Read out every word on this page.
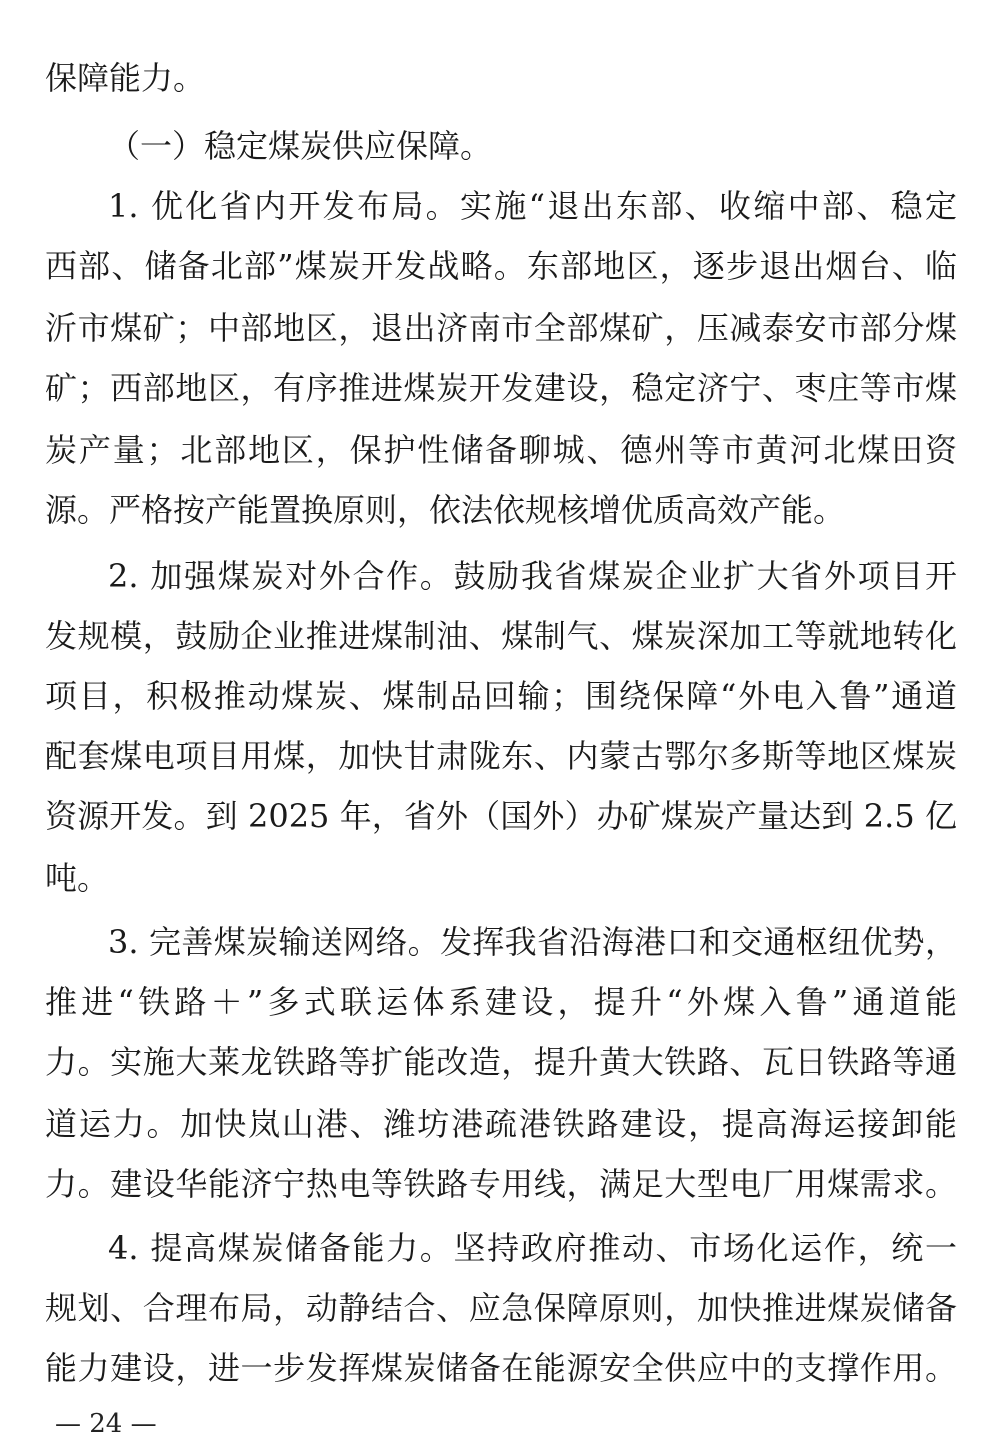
保障能力。
（一）稳定煤炭供应保障。
1. 优化省内开发布局。实施“退出东部、收缩中部、稳定
西部、储备北部”煤炭开发战略。东部地区，逐步退出烟台、临
沂市煤矿；中部地区，退出济南市全部煤矿，压减泰安市部分煤
矿；西部地区，有序推进煤炭开发建设，稳定济宁、枣庄等市煤
炭产量；北部地区，保护性储备聊城、德州等市黄河北煤田资
源。严格按产能置换原则，依法依规核增优质高效产能。
2. 加强煤炭对外合作。鼓励我省煤炭企业扩大省外项目开
发规模，鼓励企业推进煤制油、煤制气、煤炭深加工等就地转化
项目，积极推动煤炭、煤制品回输；围绕保障“外电入鲁”通道
配套煤电项目用煤，加快甘肃陇东、内蒙古鄂尔多斯等地区煤炭
资源开发。到 2025 年，省外（国外）办矿煤炭产量达到 2.5 亿
吨。
3. 完善煤炭输送网络。发挥我省沿海港口和交通枢纽优势，
推进“铁路＋”多式联运体系建设，提升“外煤入鲁”通道能
力。实施大莱龙铁路等扩能改造，提升黄大铁路、瓦日铁路等通
道运力。加快岚山港、潍坊港疏港铁路建设，提高海运接卸能
力。建设华能济宁热电等铁路专用线，满足大型电厂用煤需求。
4. 提高煤炭储备能力。坚持政府推动、市场化运作，统一
规划、合理布局，动静结合、应急保障原则，加快推进煤炭储备
能力建设，进一步发挥煤炭储备在能源安全供应中的支撑作用。
— 24 —
